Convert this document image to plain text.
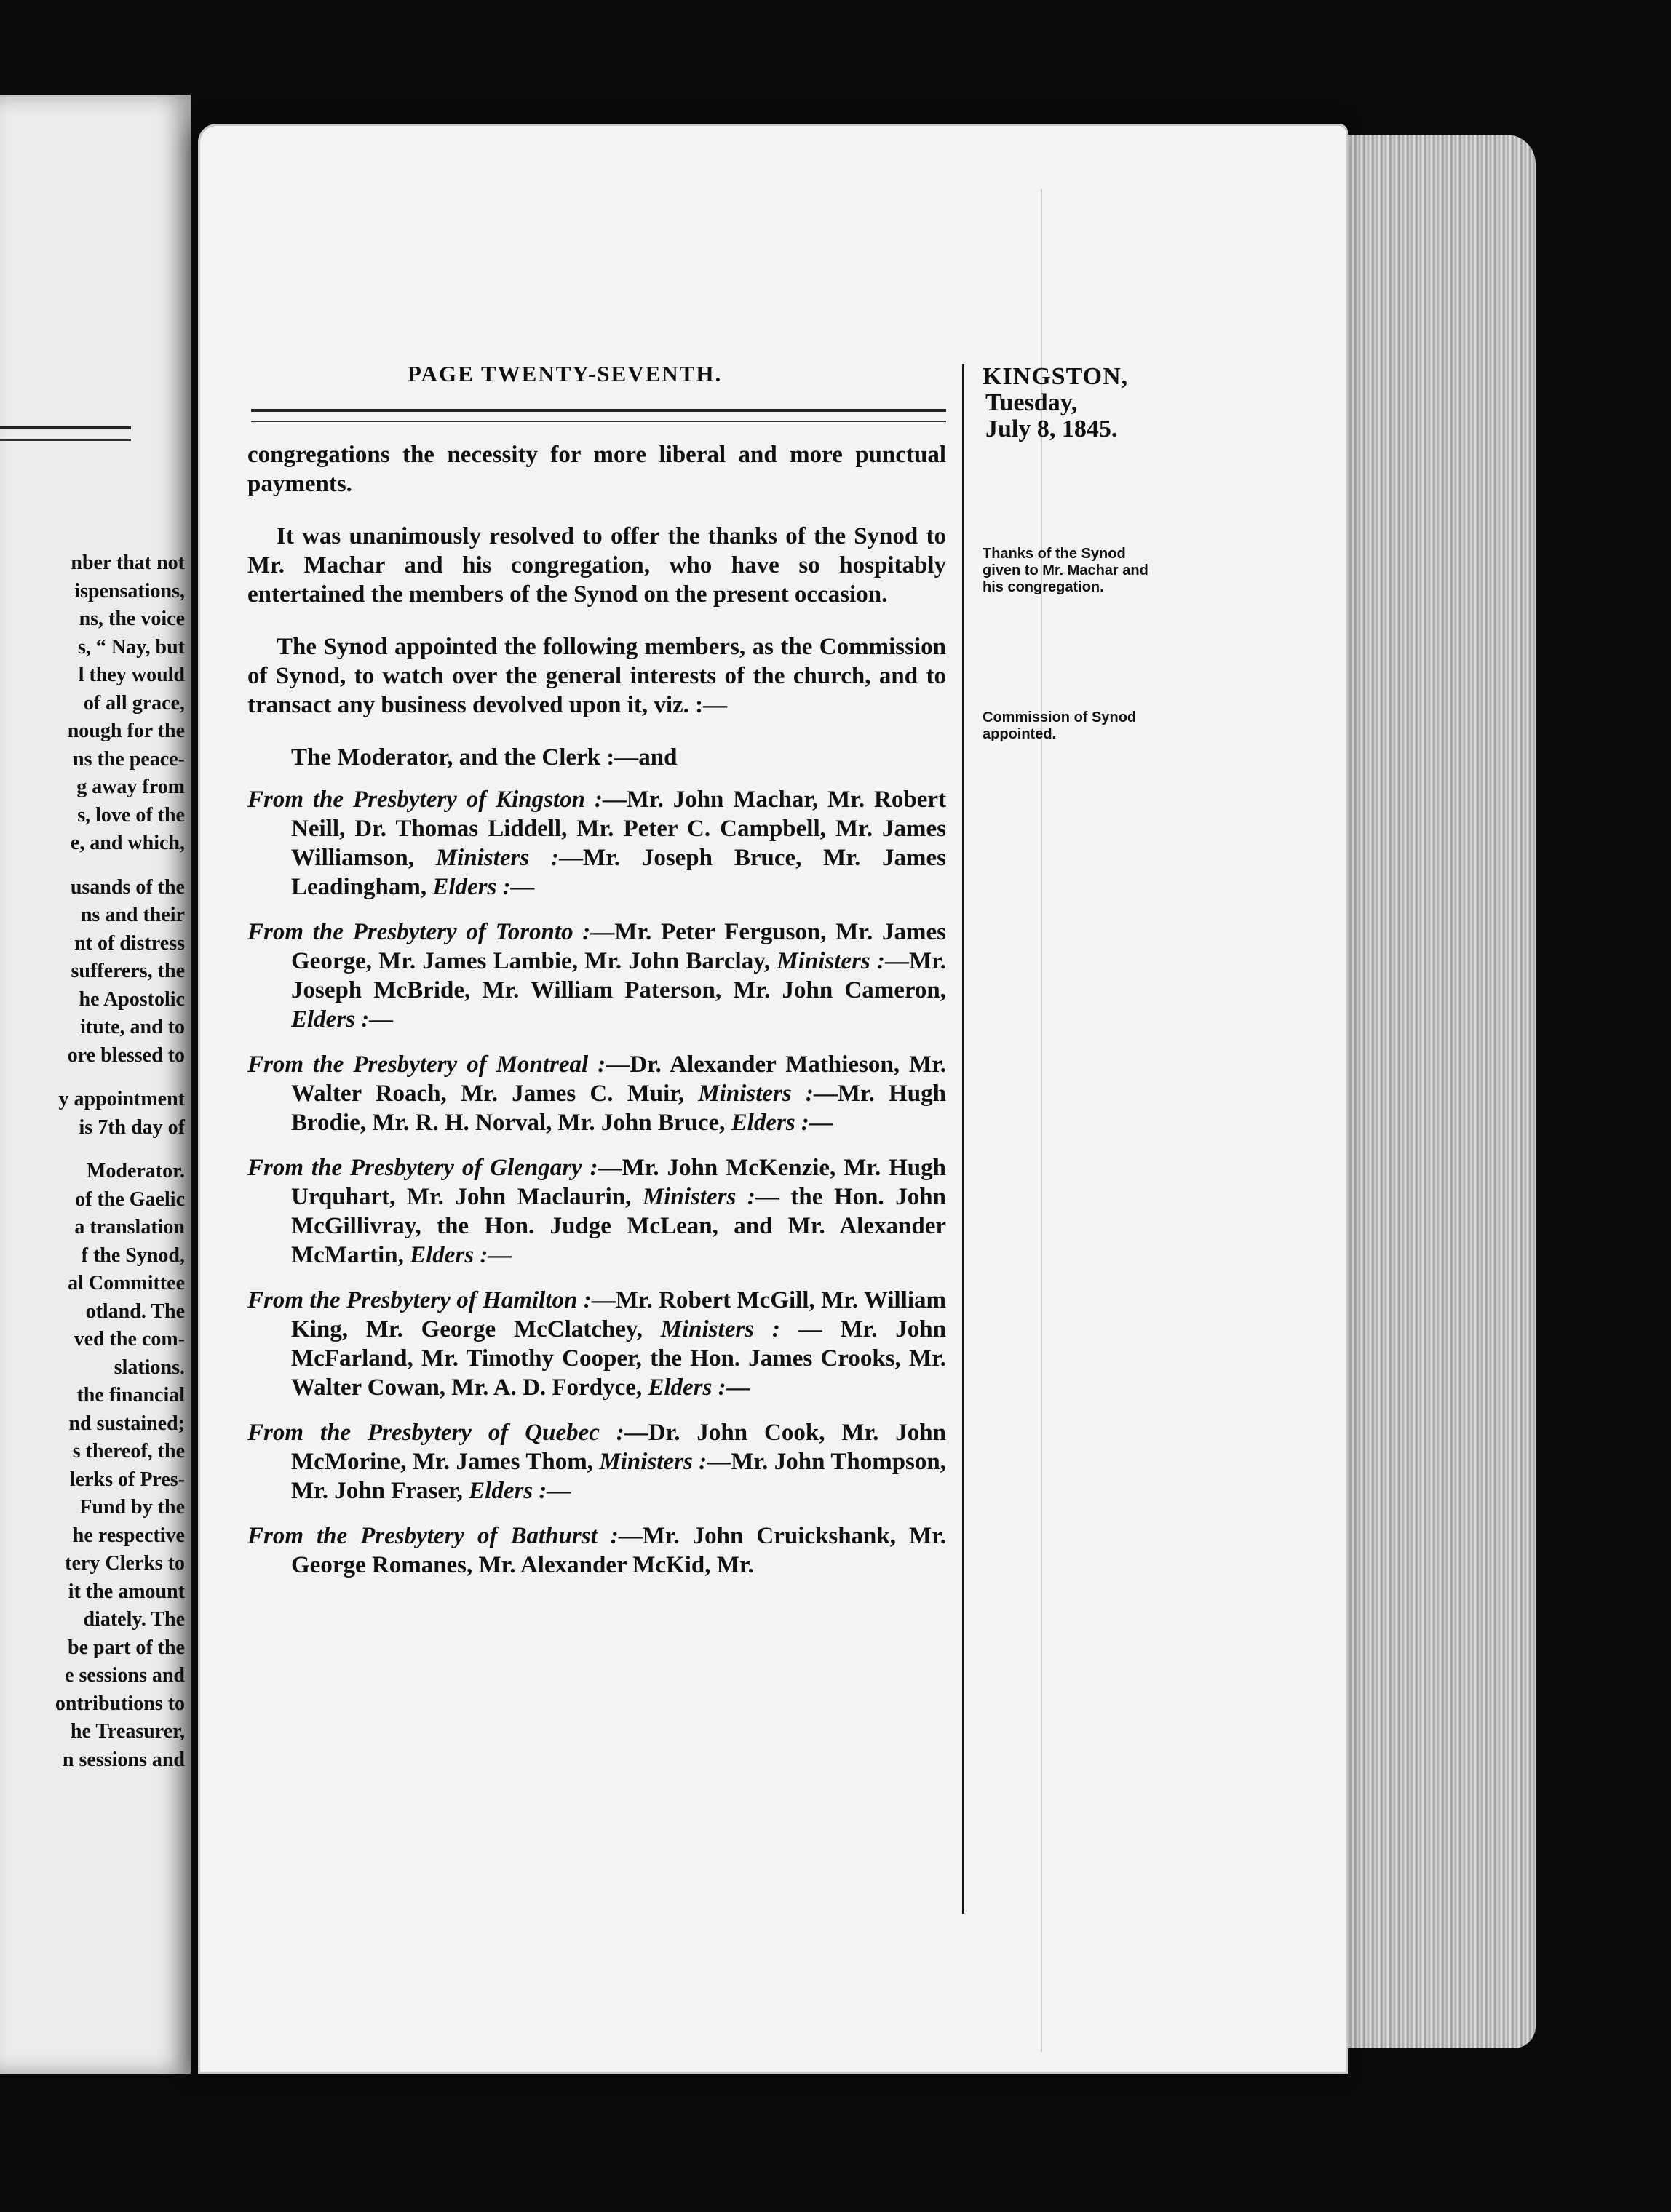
nber that not
ispensations,
ns, the voice
s, “ Nay, but
l they would
of all grace,
nough for the
ns the peace-
g away from
s, love of the
e, and which,
usands of the
ns and their
nt of distress
sufferers, the
he Apostolic
itute, and to
ore blessed to
y appointment
is 7th day of
Moderator.
of the Gaelic
a translation
f the Synod,
al Committee
otland. The
ved the com-
slations.
the financial
nd sustained;
s thereof, the
lerks of Pres-
Fund by the
he respective
tery Clerks to
it the amount
diately. The
be part of the
e sessions and
ontributions to
he Treasurer,
n sessions and
PAGE TWENTY-SEVENTH.	KINGSTON,
Tuesday,
July 8, 1845.
Thanks of the Synod given to Mr. Machar and his congregation.
Commission of Synod appointed.

congregations the necessity for more liberal and more punctual payments.

It was unanimously resolved to offer the thanks of the Synod to Mr. Machar and his congregation, who have so hospitably entertained the members of the Synod on the present occasion.

The Synod appointed the following members, as the Commission of Synod, to watch over the general interests of the church, and to transact any business devolved upon it, viz. :—

The Moderator, and the Clerk :—and

From the Presbytery of Kingston :—Mr. John Machar, Mr. Robert Neill, Dr. Thomas Liddell, Mr. Peter C. Campbell, Mr. James Williamson, Ministers :—Mr. Joseph Bruce, Mr. James Leadingham, Elders :—

From the Presbytery of Toronto :—Mr. Peter Ferguson, Mr. James George, Mr. James Lambie, Mr. John Barclay, Ministers :—Mr. Joseph McBride, Mr. William Paterson, Mr. John Cameron, Elders :—

From the Presbytery of Montreal :—Dr. Alexander Mathieson, Mr. Walter Roach, Mr. James C. Muir, Ministers :—Mr. Hugh Brodie, Mr. R. H. Norval, Mr. John Bruce, Elders :—

From the Presbytery of Glengary :—Mr. John McKenzie, Mr. Hugh Urquhart, Mr. John Maclaurin, Ministers :— the Hon. John McGillivray, the Hon. Judge McLean, and Mr. Alexander McMartin, Elders :—

From the Presbytery of Hamilton :—Mr. Robert McGill, Mr. William King, Mr. George McClatchey, Ministers : — Mr. John McFarland, Mr. Timothy Cooper, the Hon. James Crooks, Mr. Walter Cowan, Mr. A. D. Fordyce, Elders :—

From the Presbytery of Quebec :—Dr. John Cook, Mr. John McMorine, Mr. James Thom, Ministers :—Mr. John Thompson, Mr. John Fraser, Elders :—

From the Presbytery of Bathurst :—Mr. John Cruickshank, Mr. George Romanes, Mr. Alexander McKid, Mr.
